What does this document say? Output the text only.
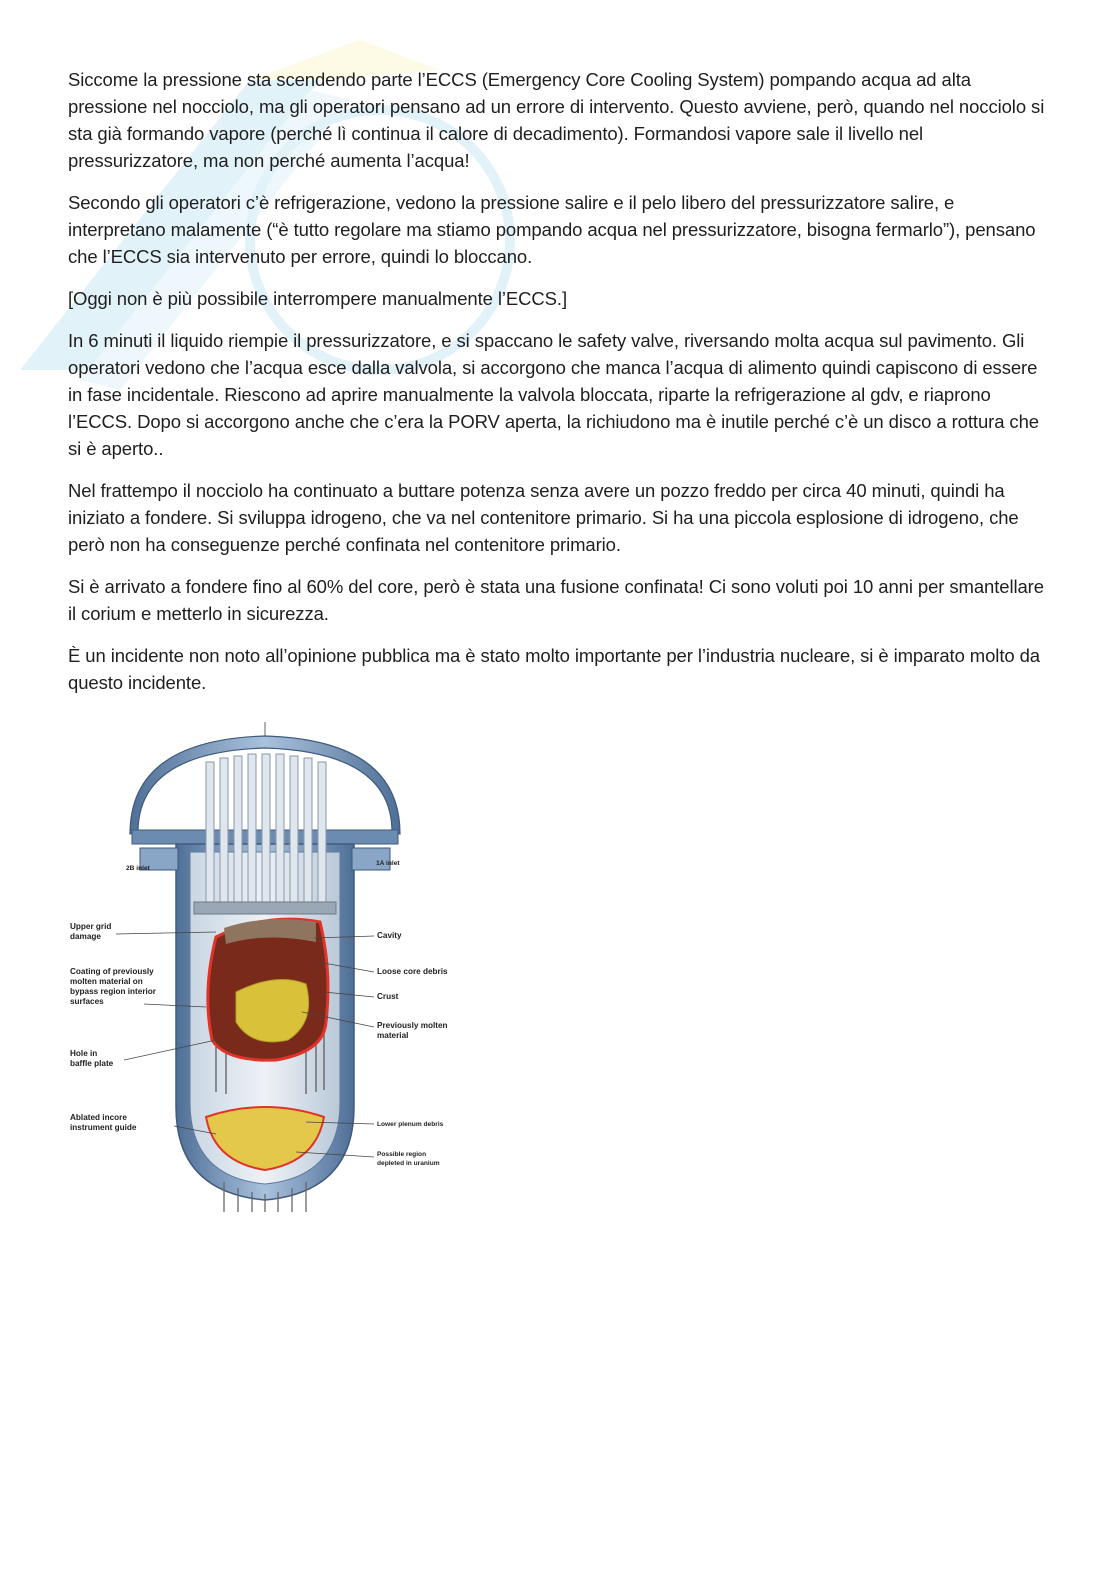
Siccome la pressione sta scendendo parte l’ECCS (Emergency Core Cooling System) pompando acqua ad alta pressione nel nocciolo, ma gli operatori pensano ad un errore di intervento. Questo avviene, però, quando nel nocciolo si sta già formando vapore (perché lì continua il calore di decadimento). Formandosi vapore sale il livello nel pressurizzatore, ma non perché aumenta l’acqua!

Secondo gli operatori c’è refrigerazione, vedono la pressione salire e il pelo libero del pressurizzatore salire, e interpretano malamente (“è tutto regolare ma stiamo pompando acqua nel pressurizzatore, bisogna fermarlo”), pensano che l’ECCS sia intervenuto per errore, quindi lo bloccano.

[Oggi non è più possibile interrompere manualmente l’ECCS.]

In 6 minuti il liquido riempie il pressurizzatore, e si spaccano le safety valve, riversando molta acqua sul pavimento. Gli operatori vedono che l’acqua esce dalla valvola, si accorgono che manca l’acqua di alimento quindi capiscono di essere in fase incidentale. Riescono ad aprire manualmente la valvola bloccata, riparte la refrigerazione al gdv, e riaprono l’ECCS. Dopo si accorgono anche che c’era la PORV aperta, la richiudono ma è inutile perché c’è un disco a rottura che si è aperto..

Nel frattempo il nocciolo ha continuato a buttare potenza senza avere un pozzo freddo per circa 40 minuti, quindi ha iniziato a fondere. Si sviluppa idrogeno, che va nel contenitore primario. Si ha una piccola esplosione di idrogeno, che però non ha conseguenze perché confinata nel contenitore primario.

Si è arrivato a fondere fino al 60% del core, però è stata una fusione confinata! Ci sono voluti poi 10 anni per smantellare il corium e metterlo in sicurezza.

È un incidente non noto all’opinione pubblica ma è stato molto importante per l’industria nucleare, si è imparato molto da questo incidente.

2B inlet
Upper grid
damage
Coating of previously
molten material on
bypass region interior
surfaces
Hole in
baffle plate
Ablated incore
instrument guide
1A inlet
Cavity
Loose core debris
Crust
Previously molten
material
Lower plenum debris
Possible region
depleted in uranium
